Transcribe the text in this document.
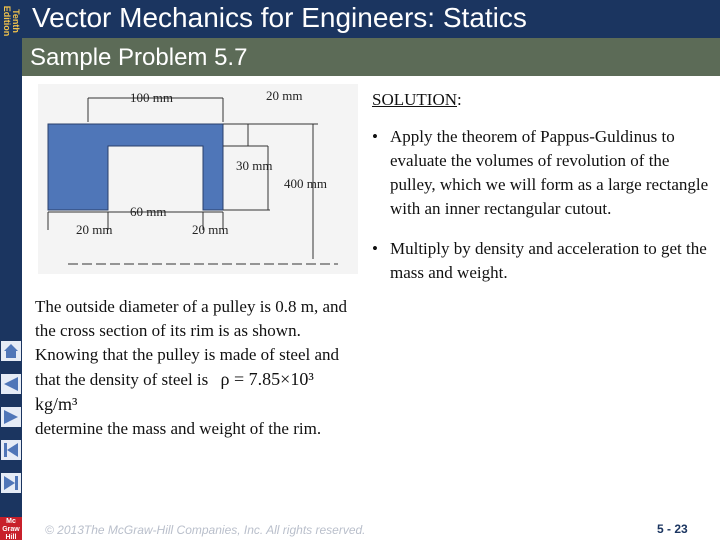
Tenth Edition
Mc Graw Hill
Vector Mechanics for Engineers: Statics
Sample Problem 5.7
100 mm	20 mm
30 mm
400 mm
60 mm
20 mm	20 mm
SOLUTION:
• Apply the theorem of Pappus-Guldinus to evaluate the volumes of revolution of the pulley, which we will form as a large rectangle with an inner rectangular cutout.
• Multiply by density and acceleration to get the mass and weight.
The outside diameter of a pulley is 0.8 m, and the cross section of its rim is as shown. Knowing that the pulley is made of steel and that the density of steel is ρ = 7.85×10³ kg/m³
determine the mass and weight of the rim.
© 2013The McGraw-Hill Companies, Inc. All rights reserved.	5 - 23
